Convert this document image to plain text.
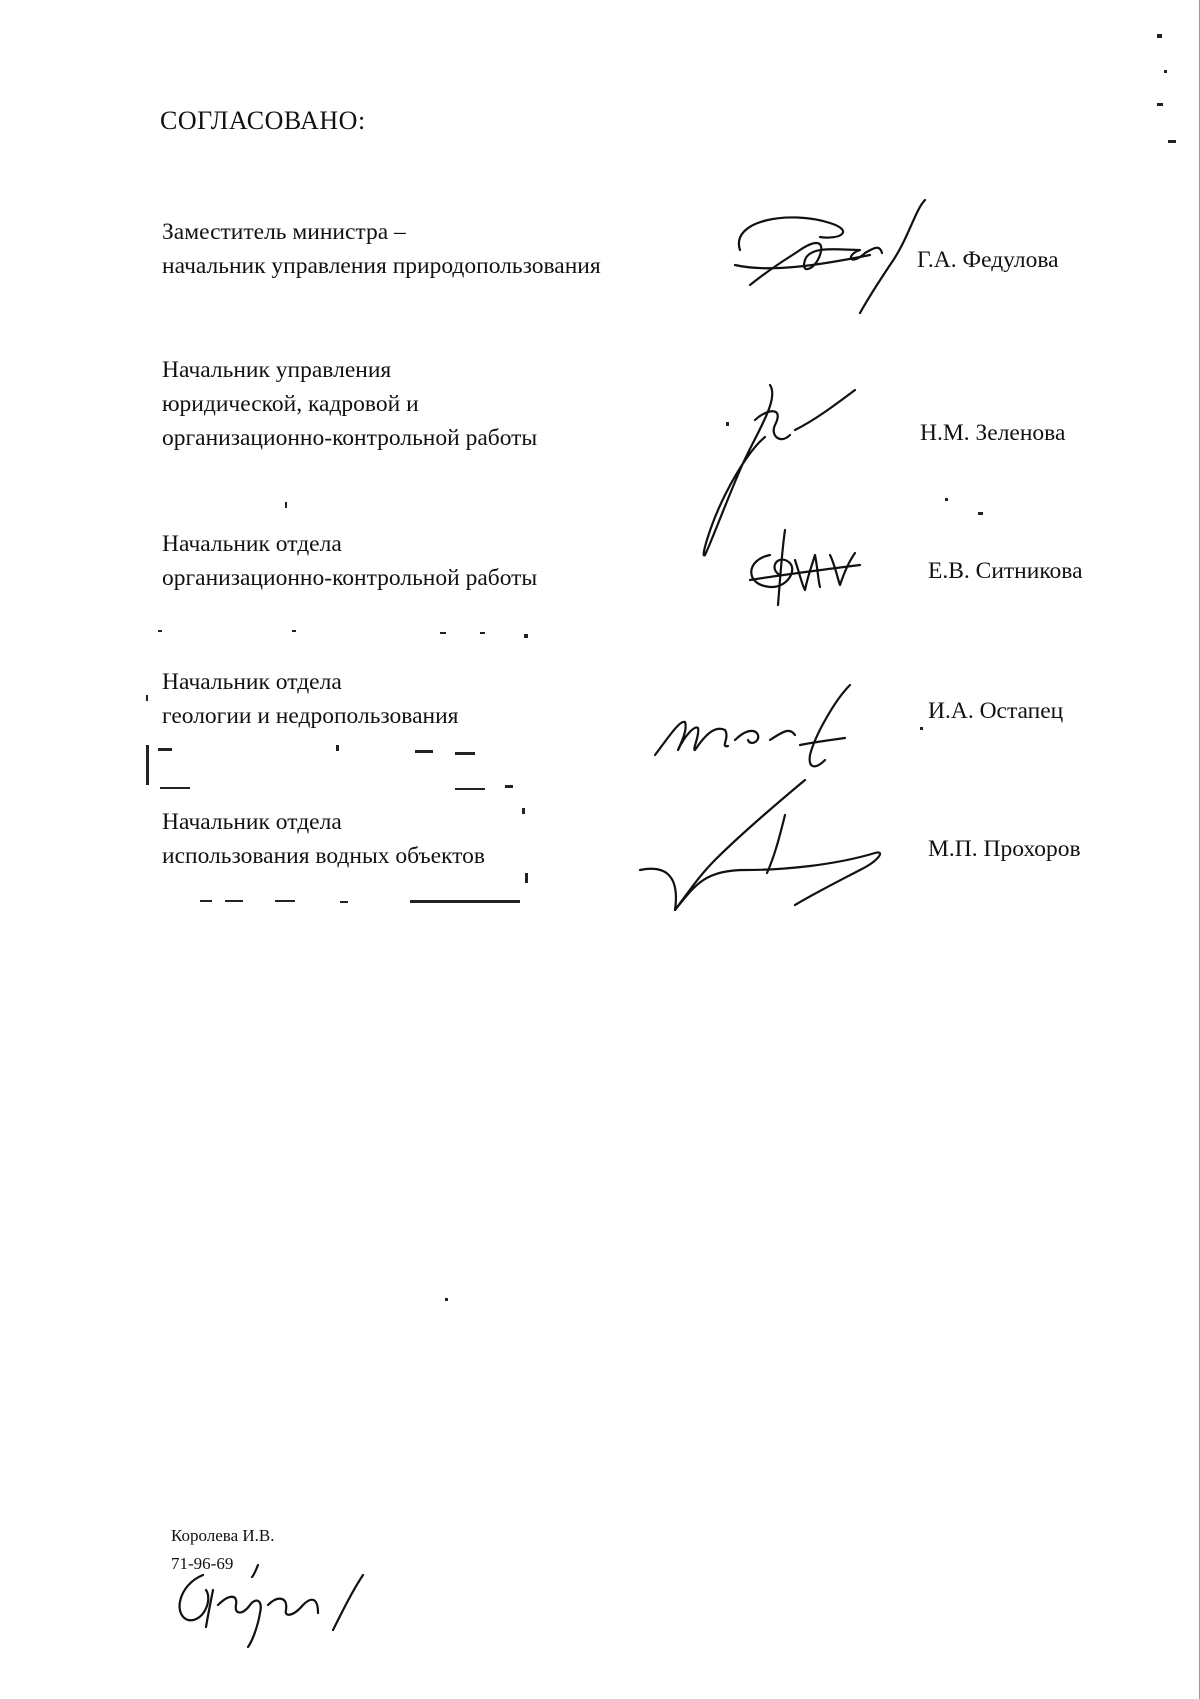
СОГЛАСОВАНО:
Заместитель министра –
начальник управления природопользования	Г.А. Федулова
Начальник управления
юридической, кадровой и
организационно-контрольной работы	Н.М. Зеленова
Начальник отдела
организационно-контрольной работы	Е.В. Ситникова
Начальник отдела
геологии и недропользования	И.А. Остапец
Начальник отдела
использования водных объектов	М.П. Прохоров
Королева И.В.
71-96-69
